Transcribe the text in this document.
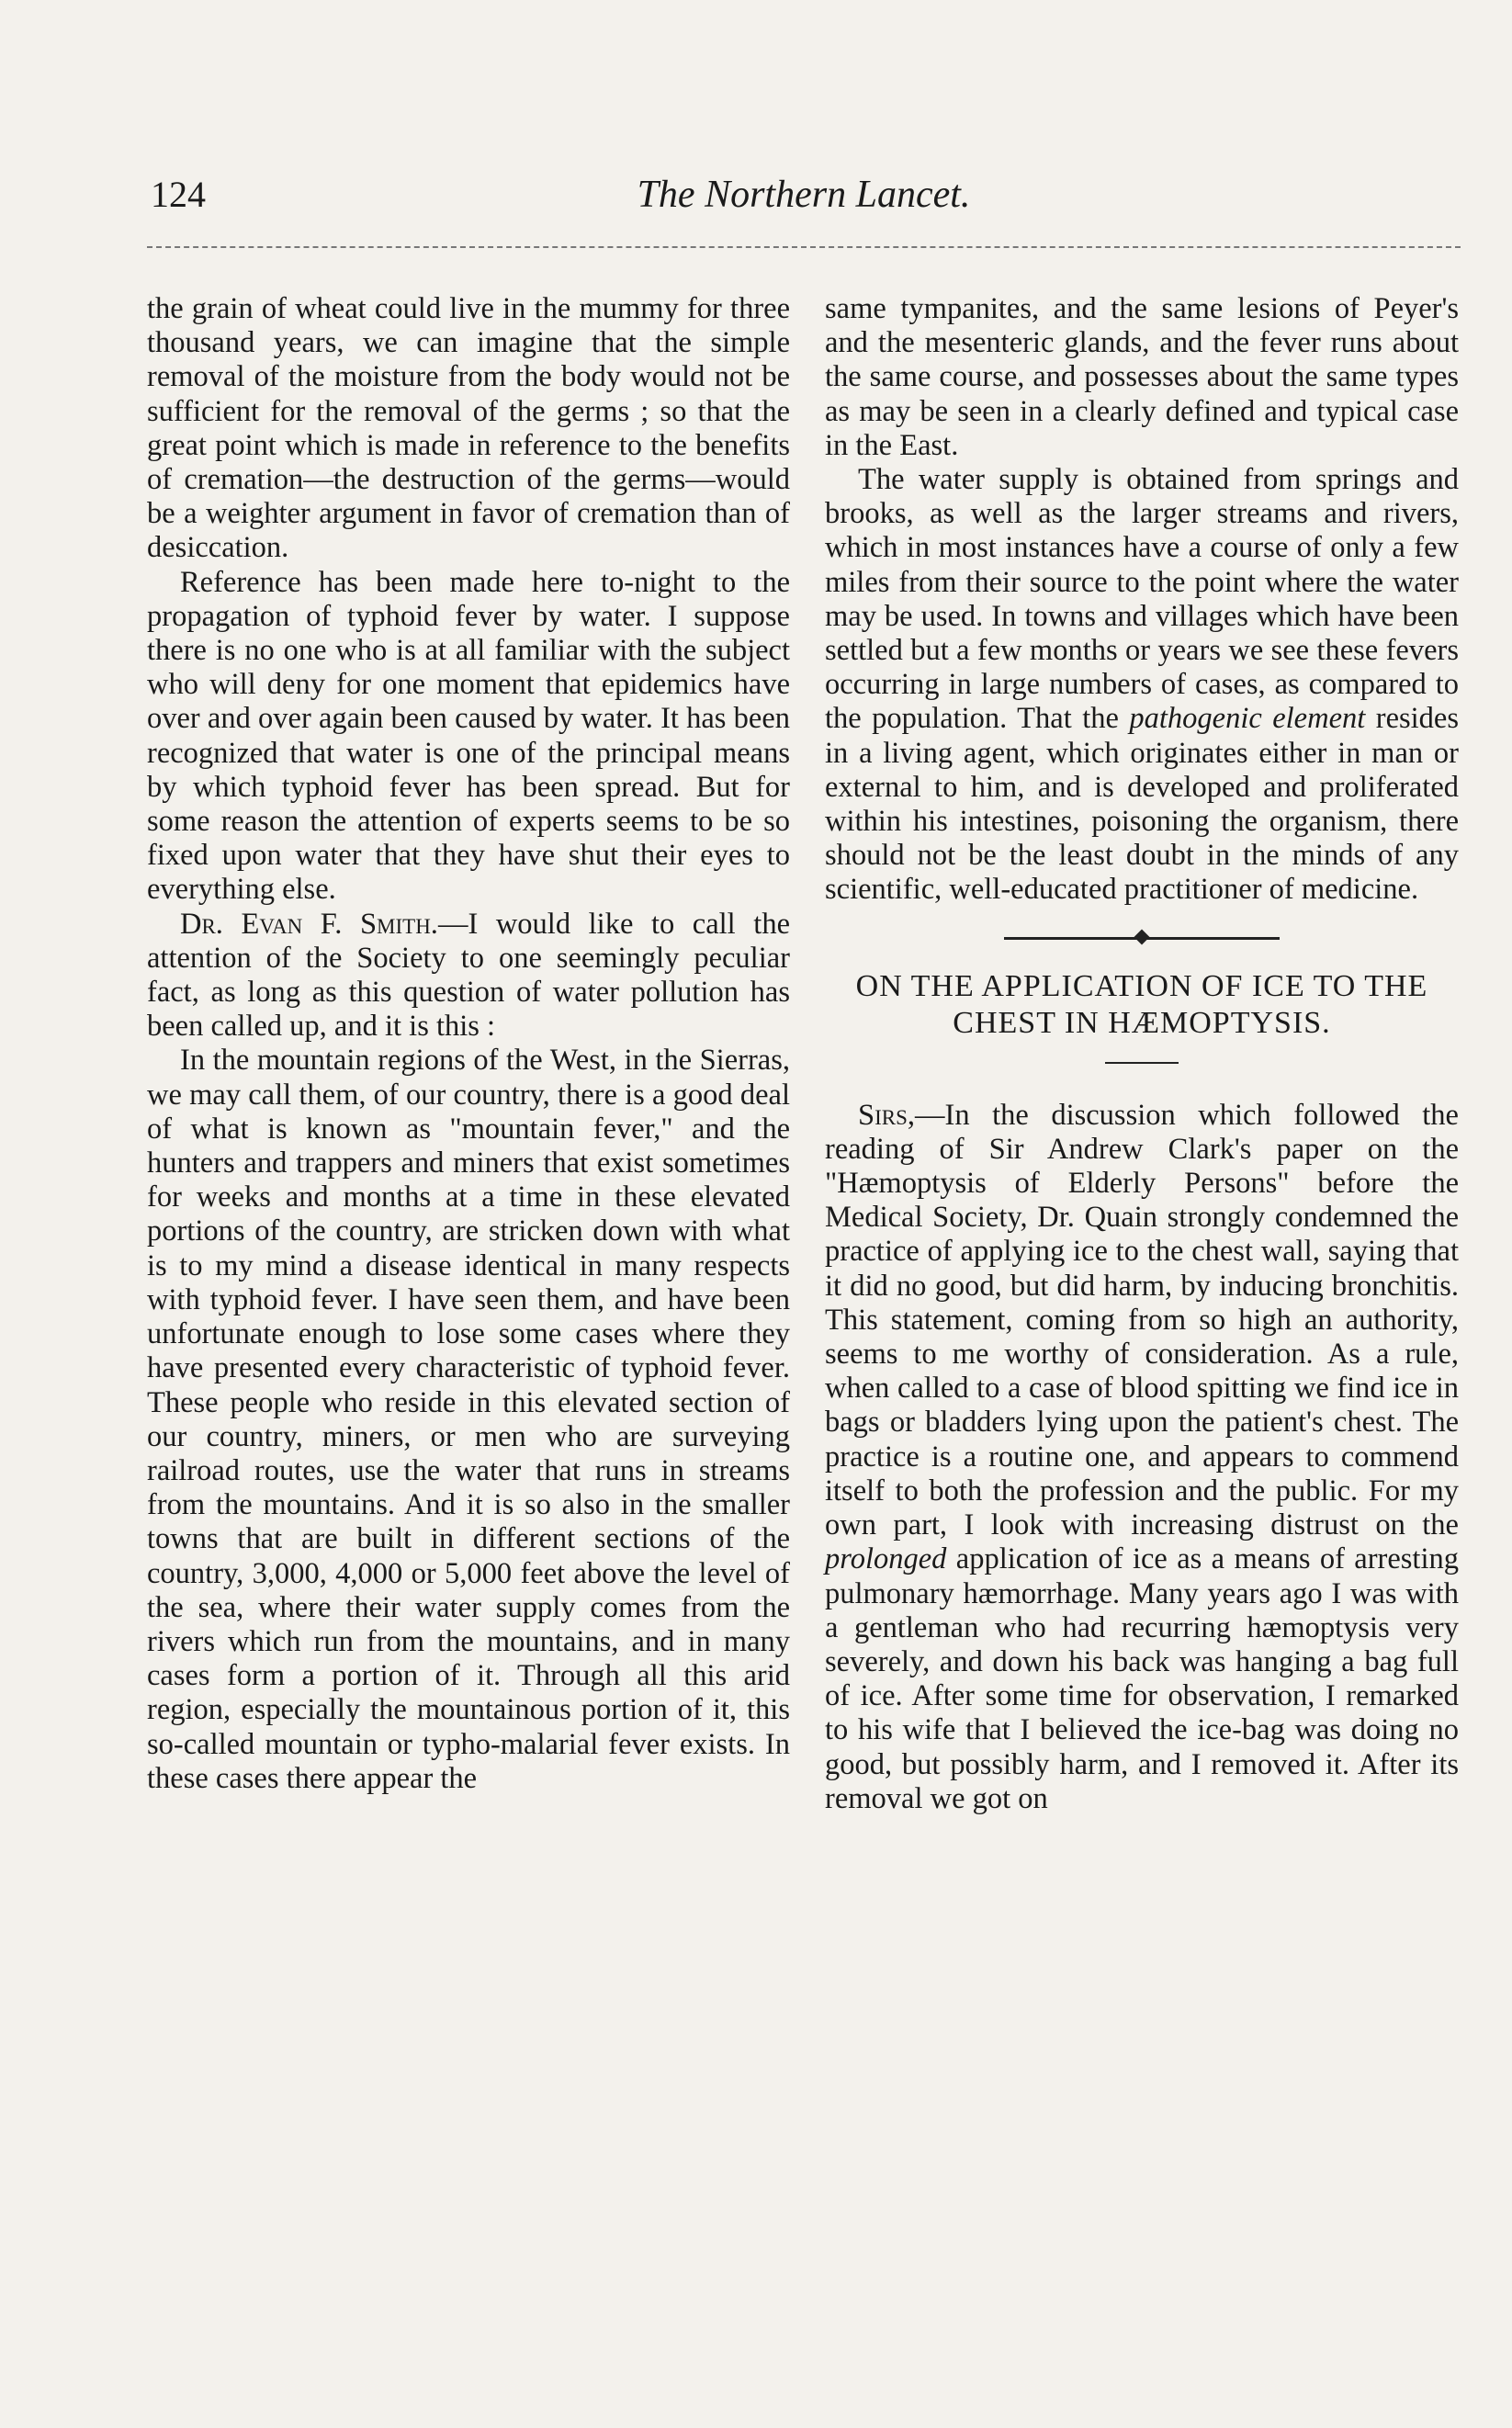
124	The Northern Lancet.

the grain of wheat could live in the mummy for three thousand years, we can imagine that the simple removal of the moisture from the body would not be sufficient for the removal of the germs ; so that the great point which is made in reference to the benefits of cremation—the destruction of the germs—would be a weighter argument in favor of cremation than of desiccation.

Reference has been made here to-night to the propagation of typhoid fever by water. I suppose there is no one who is at all familiar with the subject who will deny for one moment that epidemics have over and over again been caused by water. It has been recognized that water is one of the principal means by which typhoid fever has been spread. But for some reason the attention of experts seems to be so fixed upon water that they have shut their eyes to everything else.

Dr. Evan F. Smith.—I would like to call the attention of the Society to one seemingly peculiar fact, as long as this question of water pollution has been called up, and it is this :

In the mountain regions of the West, in the Sierras, we may call them, of our country, there is a good deal of what is known as "mountain fever," and the hunters and trappers and miners that exist sometimes for weeks and months at a time in these elevated portions of the country, are stricken down with what is to my mind a disease identical in many respects with typhoid fever. I have seen them, and have been unfortunate enough to lose some cases where they have presented every characteristic of typhoid fever. These people who reside in this elevated section of our country, miners, or men who are surveying railroad routes, use the water that runs in streams from the mountains. And it is so also in the smaller towns that are built in different sections of the country, 3,000, 4,000 or 5,000 feet above the level of the sea, where their water supply comes from the rivers which run from the mountains, and in many cases form a portion of it. Through all this arid region, especially the mountainous portion of it, this so-called mountain or typho-malarial fever exists. In these cases there appear the

same tympanites, and the same lesions of Peyer's and the mesenteric glands, and the fever runs about the same course, and possesses about the same types as may be seen in a clearly defined and typical case in the East.

The water supply is obtained from springs and brooks, as well as the larger streams and rivers, which in most instances have a course of only a few miles from their source to the point where the water may be used. In towns and villages which have been settled but a few months or years we see these fevers occurring in large numbers of cases, as compared to the population. That the pathogenic element resides in a living agent, which originates either in man or external to him, and is developed and proliferated within his intestines, poisoning the organism, there should not be the least doubt in the minds of any scientific, well-educated practitioner of medicine.

ON THE APPLICATION OF ICE TO THE CHEST IN HÆMOPTYSIS.

Sirs,—In the discussion which followed the reading of Sir Andrew Clark's paper on the "Hæmoptysis of Elderly Persons" before the Medical Society, Dr. Quain strongly condemned the practice of applying ice to the chest wall, saying that it did no good, but did harm, by inducing bronchitis. This statement, coming from so high an authority, seems to me worthy of consideration. As a rule, when called to a case of blood spitting we find ice in bags or bladders lying upon the patient's chest. The practice is a routine one, and appears to commend itself to both the profession and the public. For my own part, I look with increasing distrust on the prolonged application of ice as a means of arresting pulmonary hæmorrhage. Many years ago I was with a gentleman who had recurring hæmoptysis very severely, and down his back was hanging a bag full of ice. After some time for observation, I remarked to his wife that I believed the ice-bag was doing no good, but possibly harm, and I removed it. After its removal we got on
